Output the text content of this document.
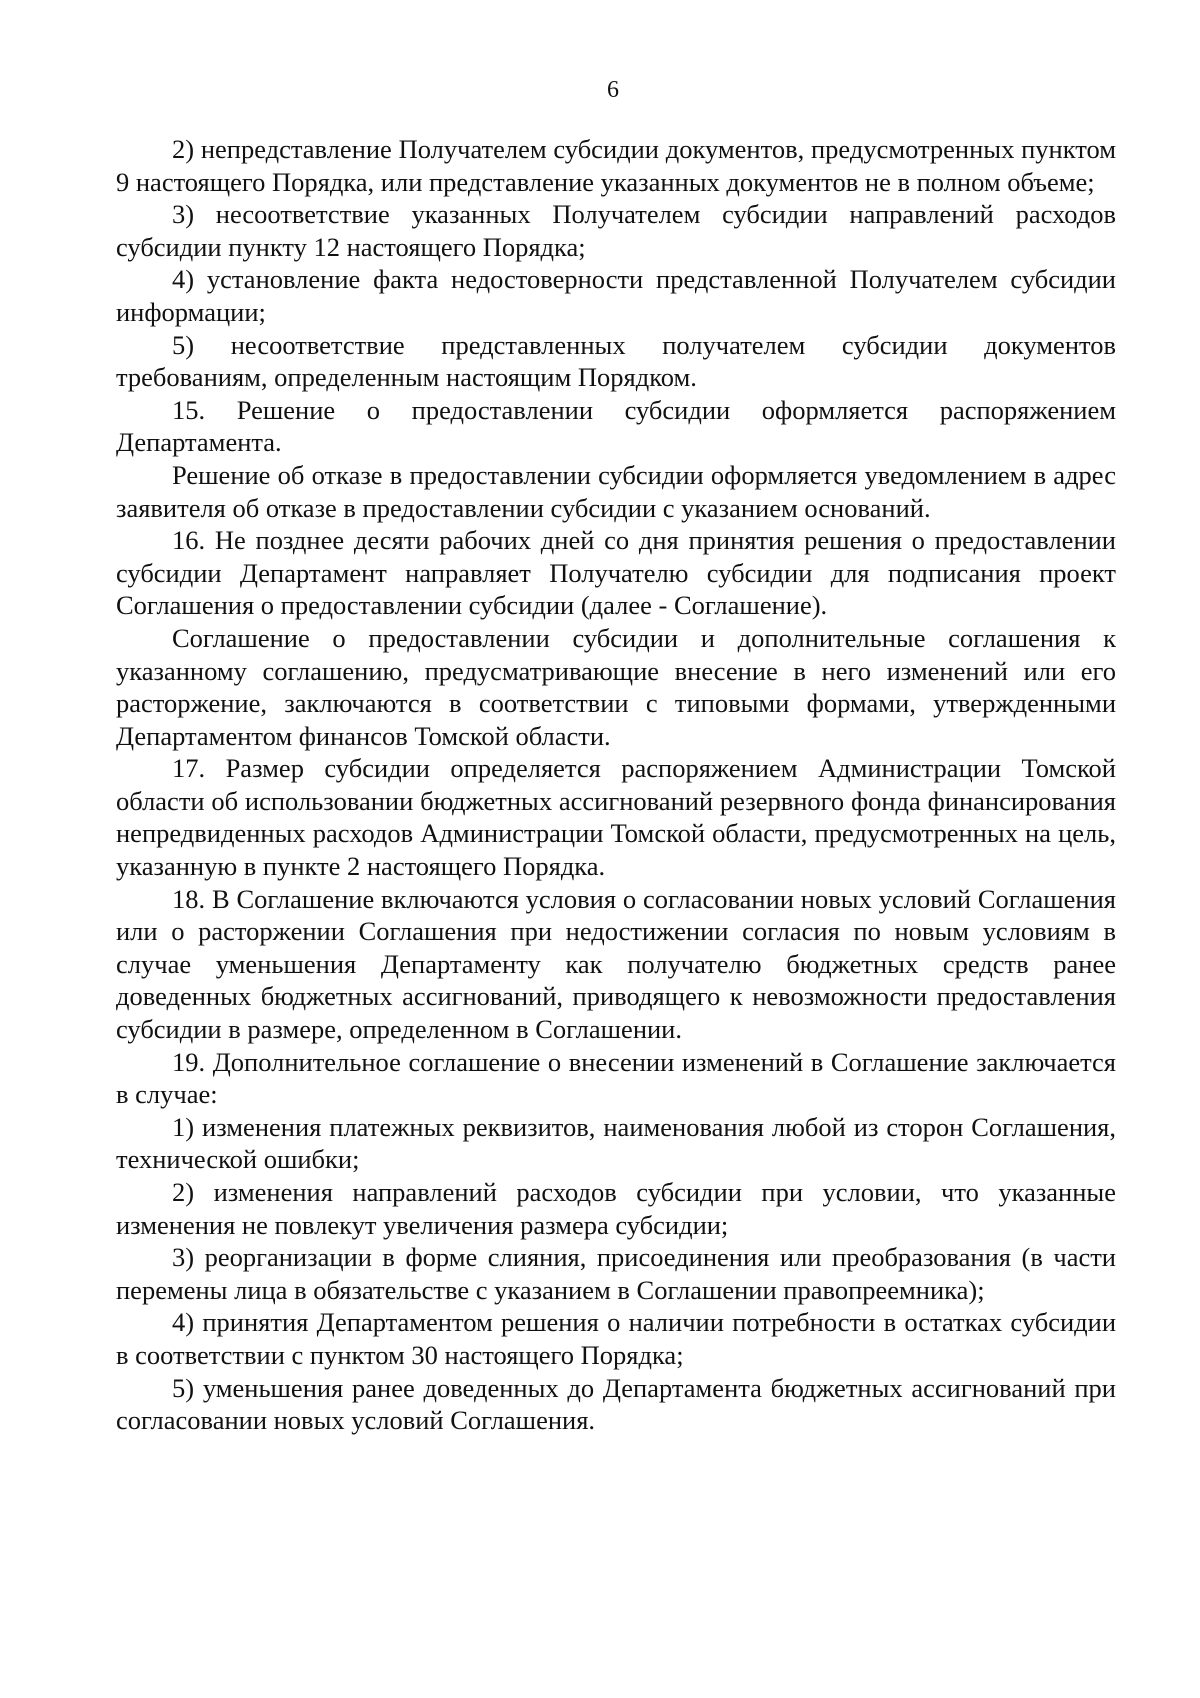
6

2) непредставление Получателем субсидии документов, предусмотренных пунктом 9 настоящего Порядка, или представление указанных документов не в полном объеме;

3) несоответствие указанных Получателем субсидии направлений расходов субсидии пункту 12 настоящего Порядка;

4) установление факта недостоверности представленной Получателем субсидии информации;

5) несоответствие представленных получателем субсидии документов требованиям, определенным настоящим Порядком.

15. Решение о предоставлении субсидии оформляется распоряжением Департамента.

Решение об отказе в предоставлении субсидии оформляется уведомлением в адрес заявителя об отказе в предоставлении субсидии с указанием оснований.

16. Не позднее десяти рабочих дней со дня принятия решения о предоставлении субсидии Департамент направляет Получателю субсидии для подписания проект Соглашения о предоставлении субсидии (далее - Соглашение).

Соглашение о предоставлении субсидии и дополнительные соглашения к указанному соглашению, предусматривающие внесение в него изменений или его расторжение, заключаются в соответствии с типовыми формами, утвержденными Департаментом финансов Томской области.

17. Размер субсидии определяется распоряжением Администрации Томской области об использовании бюджетных ассигнований резервного фонда финансирования непредвиденных расходов Администрации Томской области, предусмотренных на цель, указанную в пункте 2 настоящего Порядка.

18. В Соглашение включаются условия о согласовании новых условий Соглашения или о расторжении Соглашения при недостижении согласия по новым условиям в случае уменьшения Департаменту как получателю бюджетных средств ранее доведенных бюджетных ассигнований, приводящего к невозможности предоставления субсидии в размере, определенном в Соглашении.

19. Дополнительное соглашение о внесении изменений в Соглашение заключается в случае:

1) изменения платежных реквизитов, наименования любой из сторон Соглашения, технической ошибки;

2) изменения направлений расходов субсидии при условии, что указанные изменения не повлекут увеличения размера субсидии;

3) реорганизации в форме слияния, присоединения или преобразования (в части перемены лица в обязательстве с указанием в Соглашении правопреемника);

4) принятия Департаментом решения о наличии потребности в остатках субсидии в соответствии с пунктом 30 настоящего Порядка;

5) уменьшения ранее доведенных до Департамента бюджетных ассигнований при согласовании новых условий Соглашения.
